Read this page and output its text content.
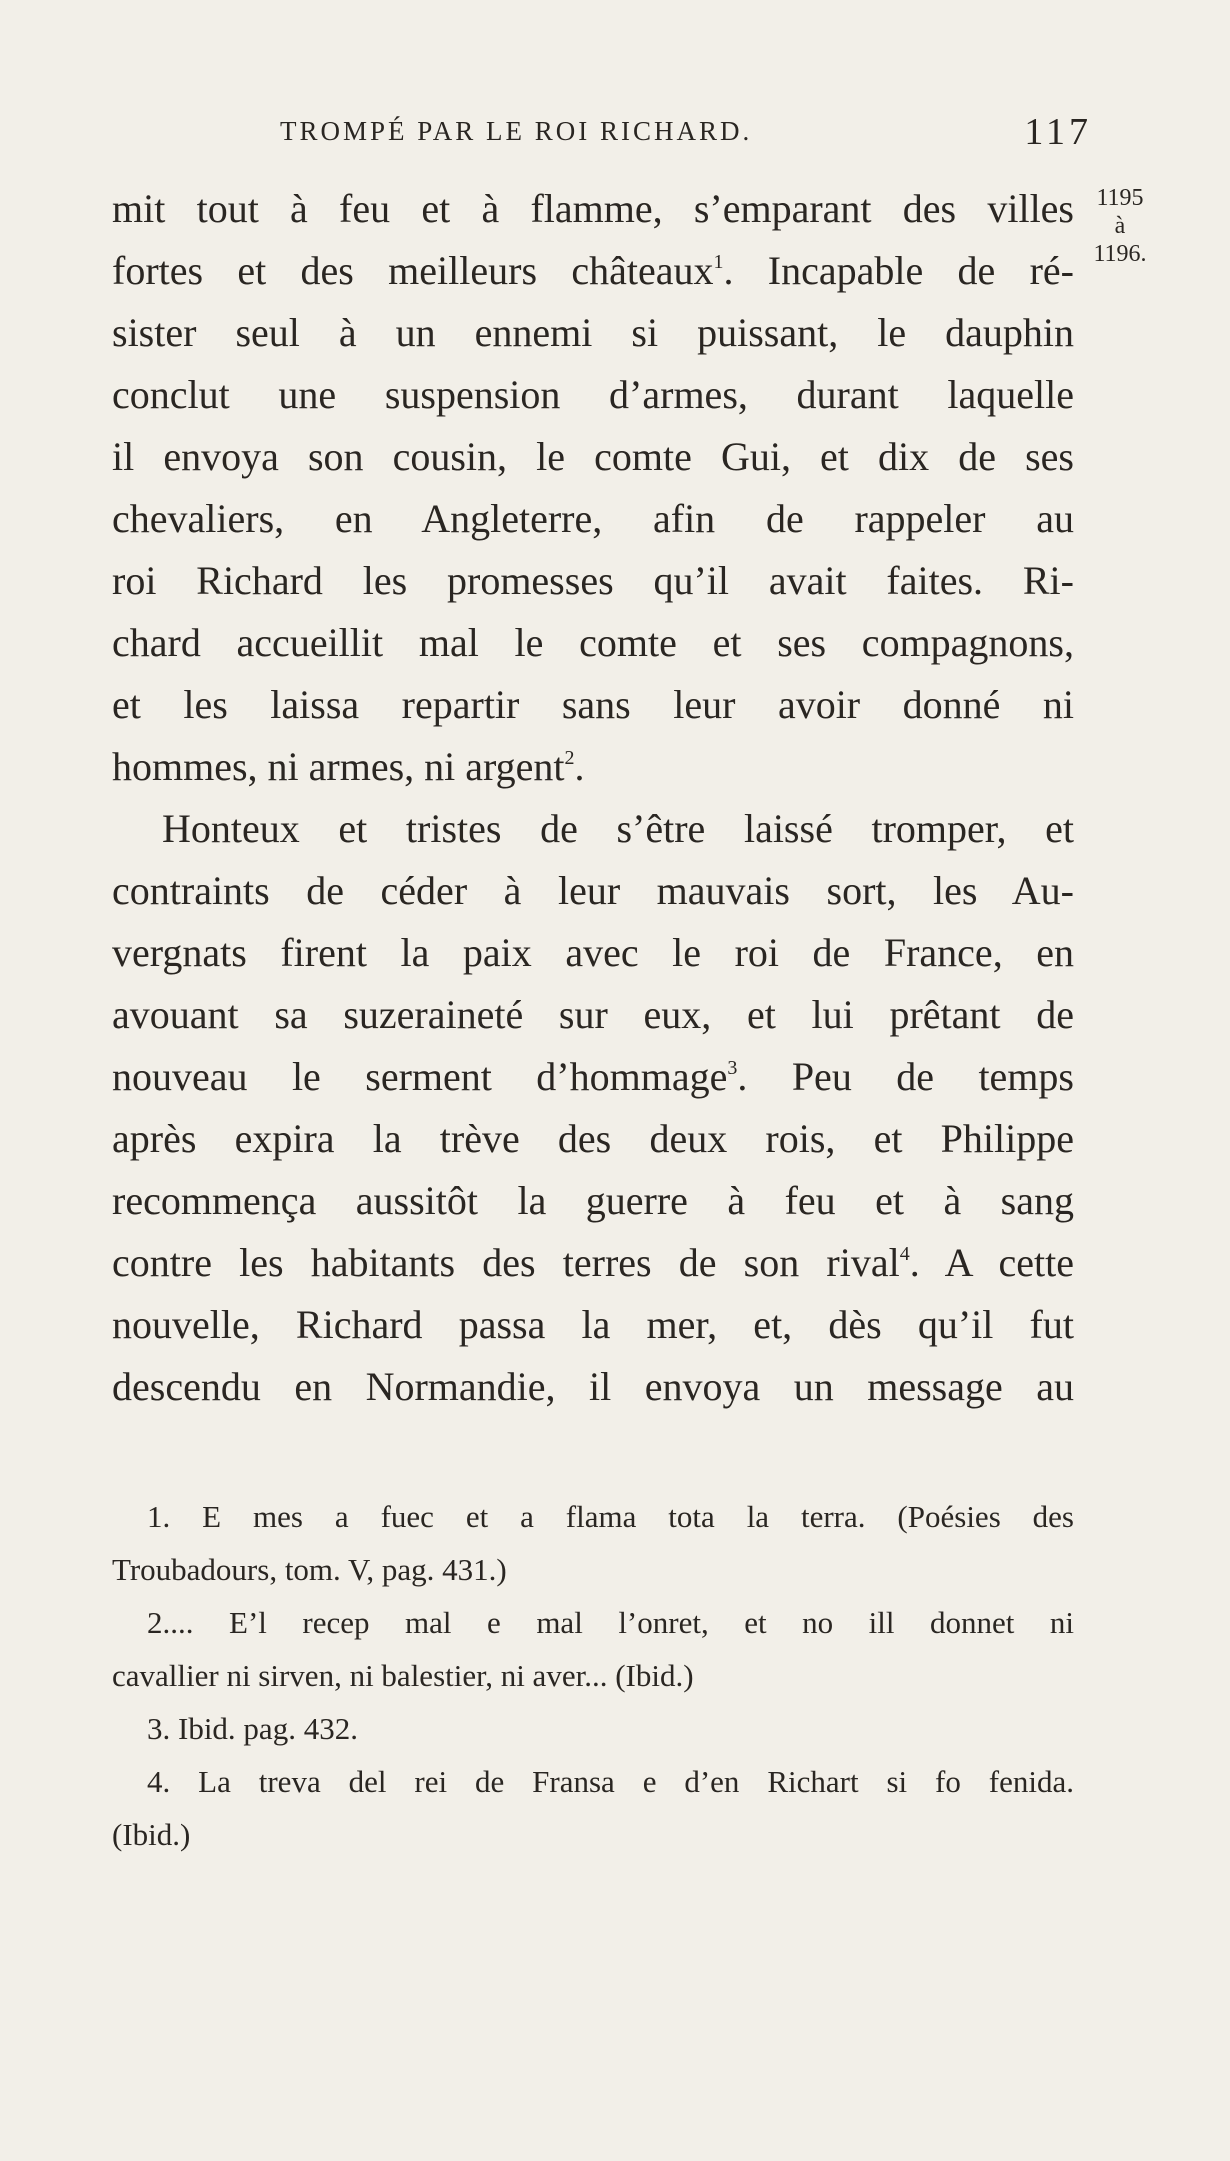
TROMPÉ PAR LE ROI RICHARD.	117
1195
à
1196.
mit tout à feu et à flamme, s’emparant des villes
fortes et des meilleurs châteaux$^1$. Incapable de ré-
sister seul à un ennemi si puissant, le dauphin
conclut une suspension d’armes, durant laquelle
il envoya son cousin, le comte Gui, et dix de ses
chevaliers, en Angleterre, afin de rappeler au
roi Richard les promesses qu’il avait faites. Ri-
chard accueillit mal le comte et ses compagnons,
et les laissa repartir sans leur avoir donné ni
hommes, ni armes, ni argent$^2$.
Honteux et tristes de s’être laissé tromper, et
contraints de céder à leur mauvais sort, les Au-
vergnats firent la paix avec le roi de France, en
avouant sa suzeraineté sur eux, et lui prêtant de
nouveau le serment d’hommage$^3$. Peu de temps
après expira la trève des deux rois, et Philippe
recommença aussitôt la guerre à feu et à sang
contre les habitants des terres de son rival$^4$. A cette
nouvelle, Richard passa la mer, et, dès qu’il fut
descendu en Normandie, il envoya un message au
1. E mes a fuec et a flama tota la terra. (Poésies des
Troubadours, tom. V, pag. 431.)
2.... E’l recep mal e mal l’onret, et no ill donnet ni
cavallier ni sirven, ni balestier, ni aver... (Ibid.)
3. Ibid. pag. 432.
4. La treva del rei de Fransa e d’en Richart si fo fenida.
(Ibid.)
